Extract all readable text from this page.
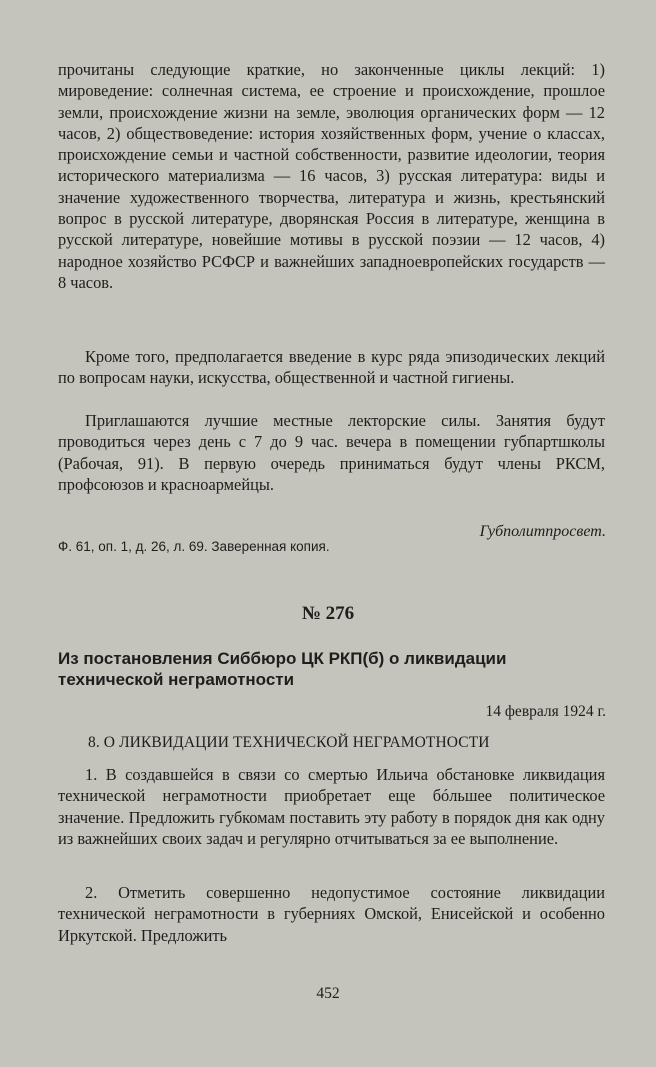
прочитаны следующие краткие, но законченные циклы лекций: 1) мироведение: солнечная система, ее строение и происхождение, прошлое земли, происхождение жизни на земле, эволюция органических форм — 12 часов, 2) обществоведение: история хозяйственных форм, учение о классах, происхождение семьи и частной собственности, развитие идеологии, теория исторического материализма — 16 часов, 3) русская литература: виды и значение художественного творчества, литература и жизнь, крестьянский вопрос в русской литературе, дворянская Россия в литературе, женщина в русской литературе, новейшие мотивы в русской поэзии — 12 часов, 4) народное хозяйство РСФСР и важнейших западноевропейских государств — 8 часов.

Кроме того, предполагается введение в курс ряда эпизодических лекций по вопросам науки, искусства, общественной и частной гигиены.

Приглашаются лучшие местные лекторские силы. Занятия будут проводиться через день с 7 до 9 час. вечера в помещении губпартшколы (Рабочая, 91). В первую очередь приниматься будут члены РКСМ, профсоюзов и красноармейцы.

Губполитпросвет.

Ф. 61, оп. 1, д. 26, л. 69. Заверенная копия.

№ 276

Из постановления Сиббюро ЦК РКП(б) о ликвидации технической неграмотности

14 февраля 1924 г.

8. О ЛИКВИДАЦИИ ТЕХНИЧЕСКОЙ НЕГРАМОТНОСТИ

1. В создавшейся в связи со смертью Ильича обстановке ликвидация технической неграмотности приобретает еще бóльшее политическое значение. Предложить губкомам поставить эту работу в порядок дня как одну из важнейших своих задач и регулярно отчитываться за ее выполнение.

2. Отметить совершенно недопустимое состояние ликвидации технической неграмотности в губерниях Омской, Енисейской и особенно Иркутской. Предложить

452
